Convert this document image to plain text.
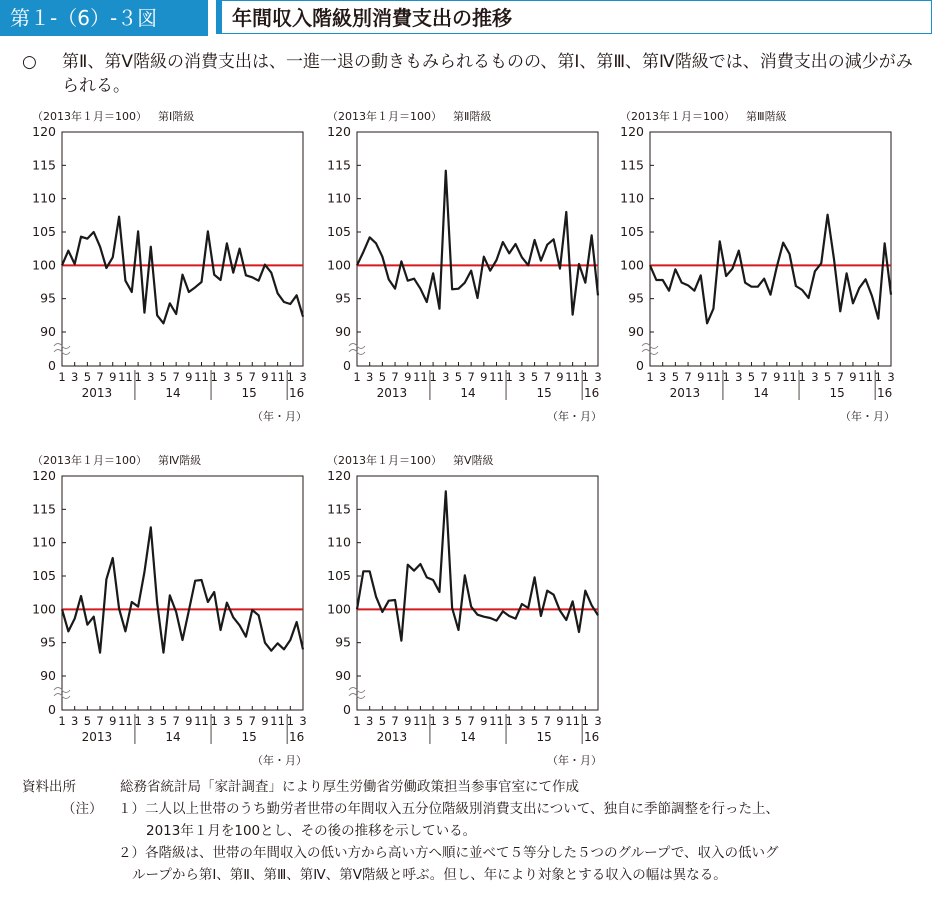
第１-（6）-３図	年間収入階級別消費支出の推移
○	第Ⅱ、第Ⅴ階級の消費支出は、一進一退の動きもみられるものの、第Ⅰ、第Ⅲ、第Ⅳ階級では、消費支出の減少がみられる。
（2013年１月＝100） 第Ⅰ階級
0
90
95
100
105
110
115
120
1 3 5 7 9 11 1 3 5 7 9 11 1 3 5 7 9 11 1 3
2013	14	15	16
（年・月）
（2013年１月＝100） 第Ⅱ階級
0
90
95
100
105
110
115
120
1 3 5 7 9 11 1 3 5 7 9 11 1 3 5 7 9 11 1 3
2013	14	15	16
（年・月）
（2013年１月＝100） 第Ⅲ階級
0
90
95
100
105
110
115
120
1 3 5 7 9 11 1 3 5 7 9 11 1 3 5 7 9 11 1 3
2013	14	15	16
（年・月）
（2013年１月＝100） 第Ⅳ階級
0
90
95
100
105
110
115
120
1 3 5 7 9 11 1 3 5 7 9 11 1 3 5 7 9 11 1 3
2013	14	15	16
（年・月）
（2013年１月＝100） 第Ⅴ階級
0
90
95
100
105
110
115
120
1 3 5 7 9 11 1 3 5 7 9 11 1 3 5 7 9 11 1 3
2013	14	15	16
（年・月）
資料出所	総務省統計局「家計調査」により厚生労働省労働政策担当参事官室にて作成
（注） １）二人以上世帯のうち勤労者世帯の年間収入五分位階級別消費支出について、独自に季節調整を行った上、
2013年１月を100とし、その後の推移を示している。
２）各階級は、世帯の年間収入の低い方から高い方へ順に並べて５等分した５つのグループで、収入の低いグ
ループから第Ⅰ、第Ⅱ、第Ⅲ、第Ⅳ、第Ⅴ階級と呼ぶ。但し、年により対象とする収入の幅は異なる。
